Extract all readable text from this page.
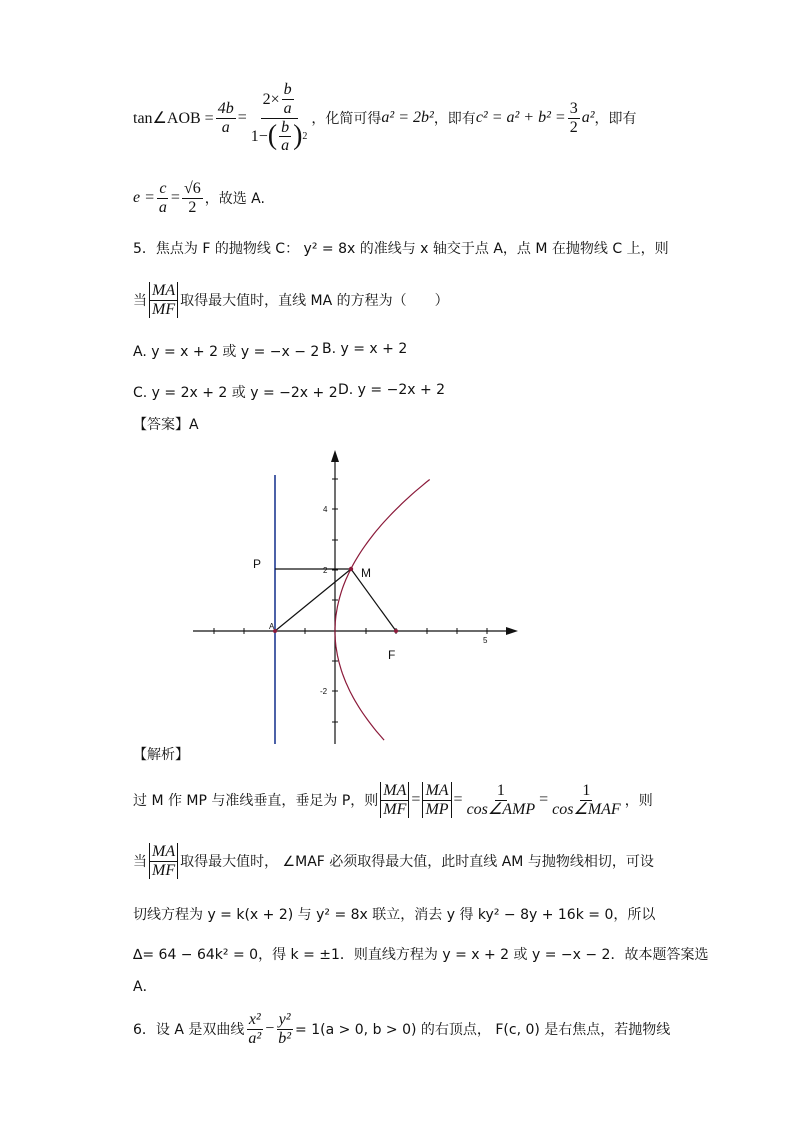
tan∠AOB = $\frac{4b}{a} = \frac{2\times \frac{b}{a}}{1- ( \frac{b}{a} ) 2}$ ，化简可得 a² = 2b² ，即有 $c^2 = a^2 + b^2 = \frac{3}{2} a^2$ ，即有
$e = \frac{c}{a} = \frac{√6}{2}$ ，故选 A.
5．焦点为 F 的抛物线 C： y² = 8x 的准线与 x 轴交于点 A，点 M 在抛物线 C 上，则
当 $\frac{MA}{MF}$ 取得最大值时，直线 MA 的方程为（　　）
A. y = x + 2 或 y = −x − 2 B. y = x + 2
C. y = 2x + 2 或 y = −2x + 2 D. y = −2x + 2
【答案】A
P
M
A
F
4
2
-2
5
【解析】
过 M 作 MP 与准线垂直，垂足为 P，则 $\frac{MA}{MF} = \frac{MA}{MP} = \frac{1}{\text{cos∠AMP}} = \frac{1}{\text{cos∠MAF}}$ ，则
当 $\frac{MA}{MF}$ 取得最大值时， ∠MAF 必须取得最大值，此时直线 AM 与抛物线相切，可设
切线方程为 y = k(x + 2) 与 y² = 8x 联立，消去 y 得 ky² − 8y + 16k = 0，所以
∆= 64 − 64k² = 0，得 k = ±1．则直线方程为 y = x + 2 或 y = −x − 2．故本题答案选
A．
6．设 A 是双曲线 $\frac{\text{x²}}{\text{a²}} - \frac{\text{y²}}{\text{b²}} = 1(a > 0$, b > 0) 的右顶点， F(c, 0) 是右焦点，若抛物线
